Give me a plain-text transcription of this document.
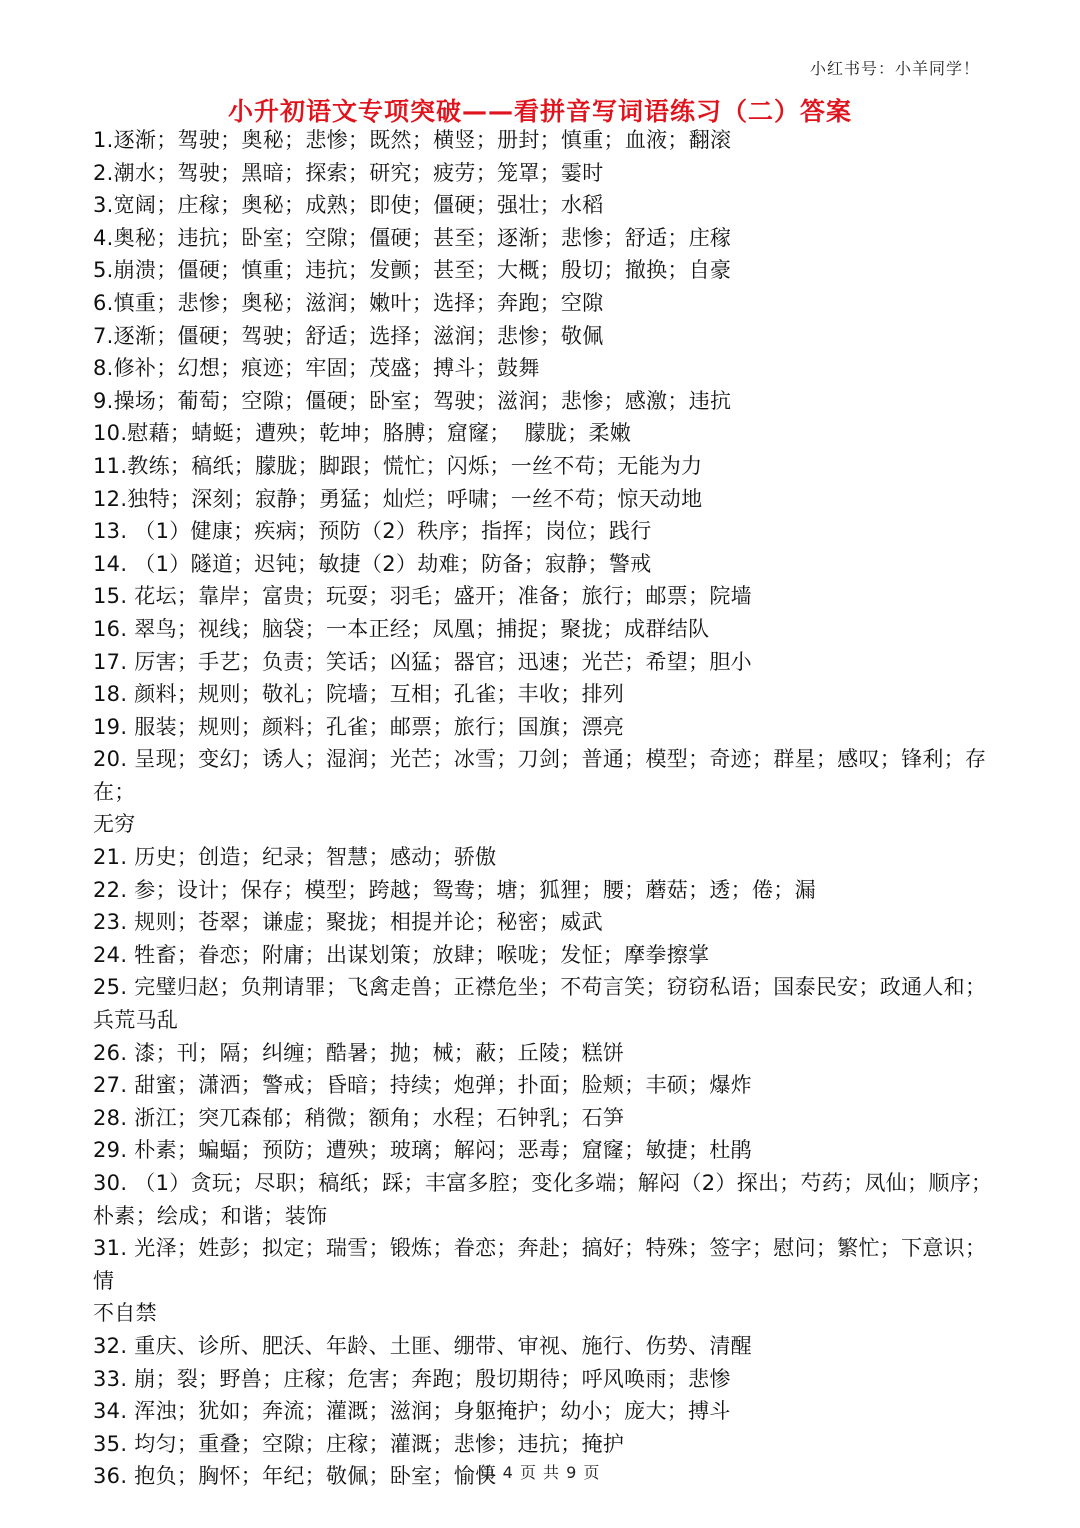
小红书号：小羊同学！
小升初语文专项突破——看拼音写词语练习（二）答案
1.逐渐；驾驶；奥秘；悲惨；既然；横竖；册封；慎重；血液；翻滚
2.潮水；驾驶；黑暗；探索；研究；疲劳；笼罩；霎时
3.宽阔；庄稼；奥秘；成熟；即使；僵硬；强壮；水稻
4.奥秘；违抗；卧室；空隙；僵硬；甚至；逐渐；悲惨；舒适；庄稼
5.崩溃；僵硬；慎重；违抗；发颤；甚至；大概；殷切；撤换；自豪
6.慎重；悲惨；奥秘；滋润；嫩叶；选择；奔跑；空隙
7.逐渐；僵硬；驾驶；舒适；选择；滋润；悲惨；敬佩
8.修补；幻想；痕迹；牢固；茂盛；搏斗；鼓舞
9.操场；葡萄；空隙；僵硬；卧室；驾驶；滋润；悲惨；感激；违抗
10.慰藉；蜻蜓；遭殃；乾坤；胳膊；窟窿；  朦胧；柔嫩
11.教练；稿纸；朦胧；脚跟；慌忙；闪烁；一丝不苟；无能为力
12.独特；深刻；寂静；勇猛；灿烂；呼啸；一丝不苟；惊天动地
13. （1）健康；疾病；预防（2）秩序；指挥；岗位；践行
14. （1）隧道；迟钝；敏捷（2）劫难；防备；寂静；警戒
15. 花坛；靠岸；富贵；玩耍；羽毛；盛开；准备；旅行；邮票；院墙
16. 翠鸟；视线；脑袋；一本正经；凤凰；捕捉；聚拢；成群结队
17. 厉害；手艺；负责；笑话；凶猛；器官；迅速；光芒；希望；胆小
18. 颜料；规则；敬礼；院墙；互相；孔雀；丰收；排列
19. 服装；规则；颜料；孔雀；邮票；旅行；国旗；漂亮
20. 呈现；变幻；诱人；湿润；光芒；冰雪；刀剑；普通；模型；奇迹；群星；感叹；锋利；存在；
无穷
21. 历史；创造；纪录；智慧；感动；骄傲
22. 参；设计；保存；模型；跨越；鸳鸯；塘；狐狸；腰；蘑菇；透；倦；漏
23. 规则；苍翠；谦虚；聚拢；相提并论；秘密；威武
24. 牲畜；眷恋；附庸；出谋划策；放肆；喉咙；发怔；摩拳擦掌
25. 完璧归赵；负荆请罪；飞禽走兽；正襟危坐；不苟言笑；窃窃私语；国泰民安；政通人和；
兵荒马乱
26. 漆；刊；隔；纠缠；酷暑；抛；械；蔽；丘陵；糕饼
27. 甜蜜；潇洒；警戒；昏暗；持续；炮弹；扑面；脸颊；丰硕；爆炸
28. 浙江；突兀森郁；稍微；额角；水程；石钟乳；石笋
29. 朴素；蝙蝠；预防；遭殃；玻璃；解闷；恶毒；窟窿；敏捷；杜鹃
30. （1）贪玩；尽职；稿纸；踩；丰富多腔；变化多端；解闷（2）探出；芍药；凤仙；顺序；
朴素；绘成；和谐；装饰
31. 光泽；姓彭；拟定；瑞雪；锻炼；眷恋；奔赴；搞好；特殊；签字；慰问；繁忙；下意识；情
不自禁
32. 重庆、诊所、肥沃、年龄、土匪、绷带、审视、施行、伤势、清醒
33. 崩；裂；野兽；庄稼；危害；奔跑；殷切期待；呼风唤雨；悲惨
34. 浑浊；犹如；奔流；灌溉；滋润；身躯掩护；幼小；庞大；搏斗
35. 均匀；重叠；空隙；庄稼；灌溉；悲惨；违抗；掩护
36. 抱负；胸怀；年纪；敬佩；卧室；愉快
第 4 页 共 9 页
